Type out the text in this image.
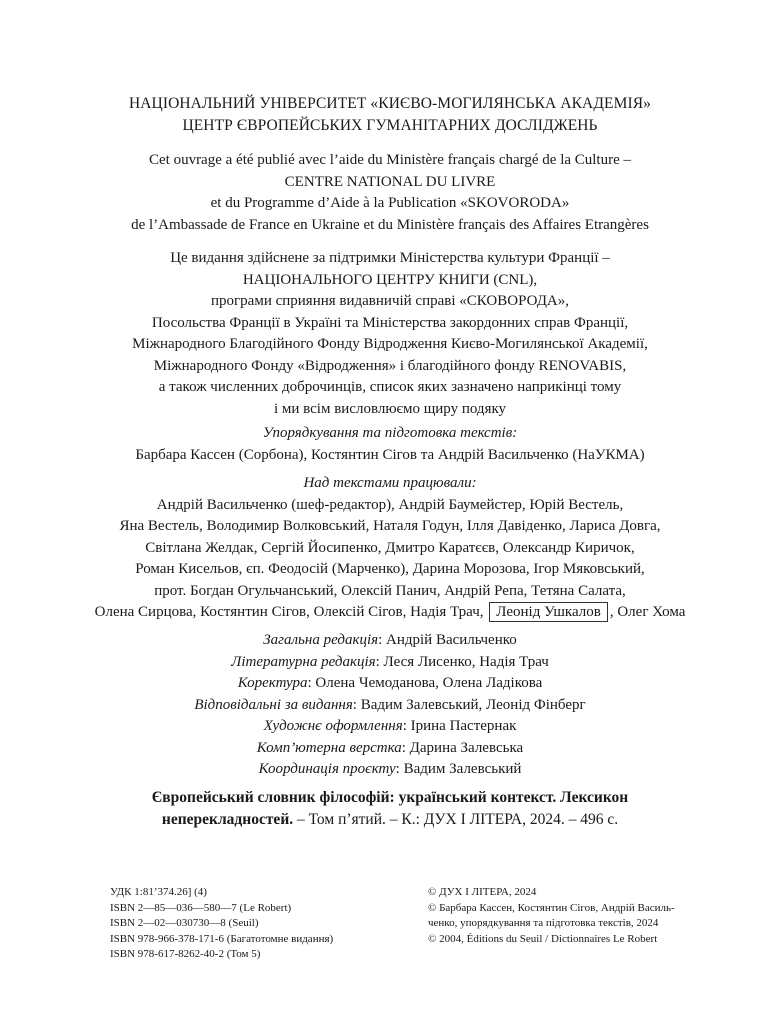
НАЦІОНАЛЬНИЙ УНІВЕРСИТЕТ «КИЄВО-МОГИЛЯНСЬКА АКАДЕМІЯ»
ЦЕНТР ЄВРОПЕЙСЬКИХ ГУМАНІТАРНИХ ДОСЛІДЖЕНЬ
Cet ouvrage a été publié avec l’aide du Ministère français chargé de la Culture –
CENTRE NATIONAL DU LIVRE
et du Programme d’Aide à la Publication «SKOVORODA»
de l’Ambassade de France en Ukraine et du Ministère français des Affaires Etrangères
Це видання здійснене за підтримки Міністерства культури Франції –
НАЦІОНАЛЬНОГО ЦЕНТРУ КНИГИ (CNL),
програми сприяння видавничій справі «СКОВОРОДА»,
Посольства Франції в Україні та Міністерства закордонних справ Франції,
Міжнародного Благодійного Фонду Відродження Києво-Могилянської Академії,
Міжнародного Фонду «Відродження» і благодійного фонду RENOVABIS,
а також численних доброчинців, список яких зазначено наприкінці тому
і ми всім висловлюємо щиру подяку
Упорядкування та підготовка текстів:
Барбара Кассен (Сорбона), Костянтин Сігов та Андрій Васильченко (НаУКМА)
Над текстами працювали:
Андрій Васильченко (шеф-редактор), Андрій Баумейстер, Юрій Вестель,
Яна Вестель, Володимир Волковський, Наталя Годун, Ілля Давіденко, Лариса Довга,
Світлана Желдак, Сергій Йосипенко, Дмитро Каратєєв, Олександр Киричок,
Роман Кисельов, єп. Феодосій (Марченко), Дарина Морозова, Ігор Мяковський,
прот. Богдан Огульчанський, Олексій Панич, Андрій Репа, Тетяна Салата,
Олена Сирцова, Костянтин Сігов, Олексій Сігов, Надія Трач, Леонід Ушкалов , Олег Хома
Загальна редакція: Андрій Васильченко
Літературна редакція: Леся Лисенко, Надія Трач
Коректура: Олена Чемоданова, Олена Ладікова
Відповідальні за видання: Вадим Залевський, Леонід Фінберг
Художнє оформлення: Ірина Пастернак
Комп’ютерна верстка: Дарина Залевська
Координація проєкту: Вадим Залевський
Європейський словник філософій: український контекст. Лексикон
неперекладностей. – Том п’ятий. – К.: ДУХ І ЛІТЕРА, 2024. – 496 с.
УДК 1:81’374.26] (4)
ISBN 2—85—036—580—7 (Le Robert)
ISBN 2—02—030730—8 (Seuil)
ISBN 978-966-378-171-6 (Багатотомне видання)
ISBN 978-617-8262-40-2 (Том 5)
© ДУХ І ЛІТЕРА, 2024
© Барбара Кассен, Костянтин Сігов, Андрій Василь-
ченко, упорядкування та підготовка текстів, 2024
© 2004, Éditions du Seuil / Dictionnaires Le Robert
